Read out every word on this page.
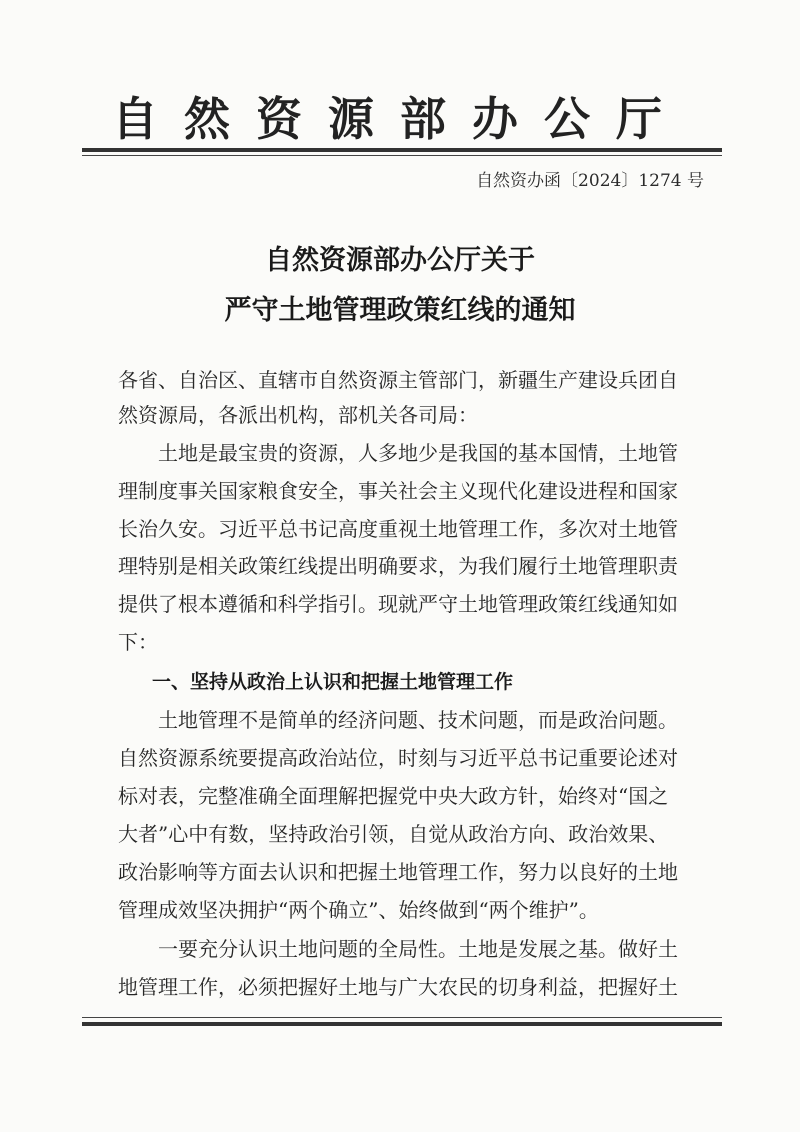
自然资源部办公厅
自然资办函〔2024〕1274 号
自然资源部办公厅关于
严守土地管理政策红线的通知
各省、自治区、直辖市自然资源主管部门，新疆生产建设兵团自
然资源局，各派出机构，部机关各司局：
　　土地是最宝贵的资源，人多地少是我国的基本国情，土地管
理制度事关国家粮食安全，事关社会主义现代化建设进程和国家
长治久安。习近平总书记高度重视土地管理工作，多次对土地管
理特别是相关政策红线提出明确要求，为我们履行土地管理职责
提供了根本遵循和科学指引。现就严守土地管理政策红线通知如
下：
一、坚持从政治上认识和把握土地管理工作
　　土地管理不是简单的经济问题、技术问题，而是政治问题。
自然资源系统要提高政治站位，时刻与习近平总书记重要论述对
标对表，完整准确全面理解把握党中央大政方针，始终对“国之
大者”心中有数，坚持政治引领，自觉从政治方向、政治效果、
政治影响等方面去认识和把握土地管理工作，努力以良好的土地
管理成效坚决拥护“两个确立”、始终做到“两个维护”。
　　一要充分认识土地问题的全局性。土地是发展之基。做好土
地管理工作，必须把握好土地与广大农民的切身利益，把握好土
